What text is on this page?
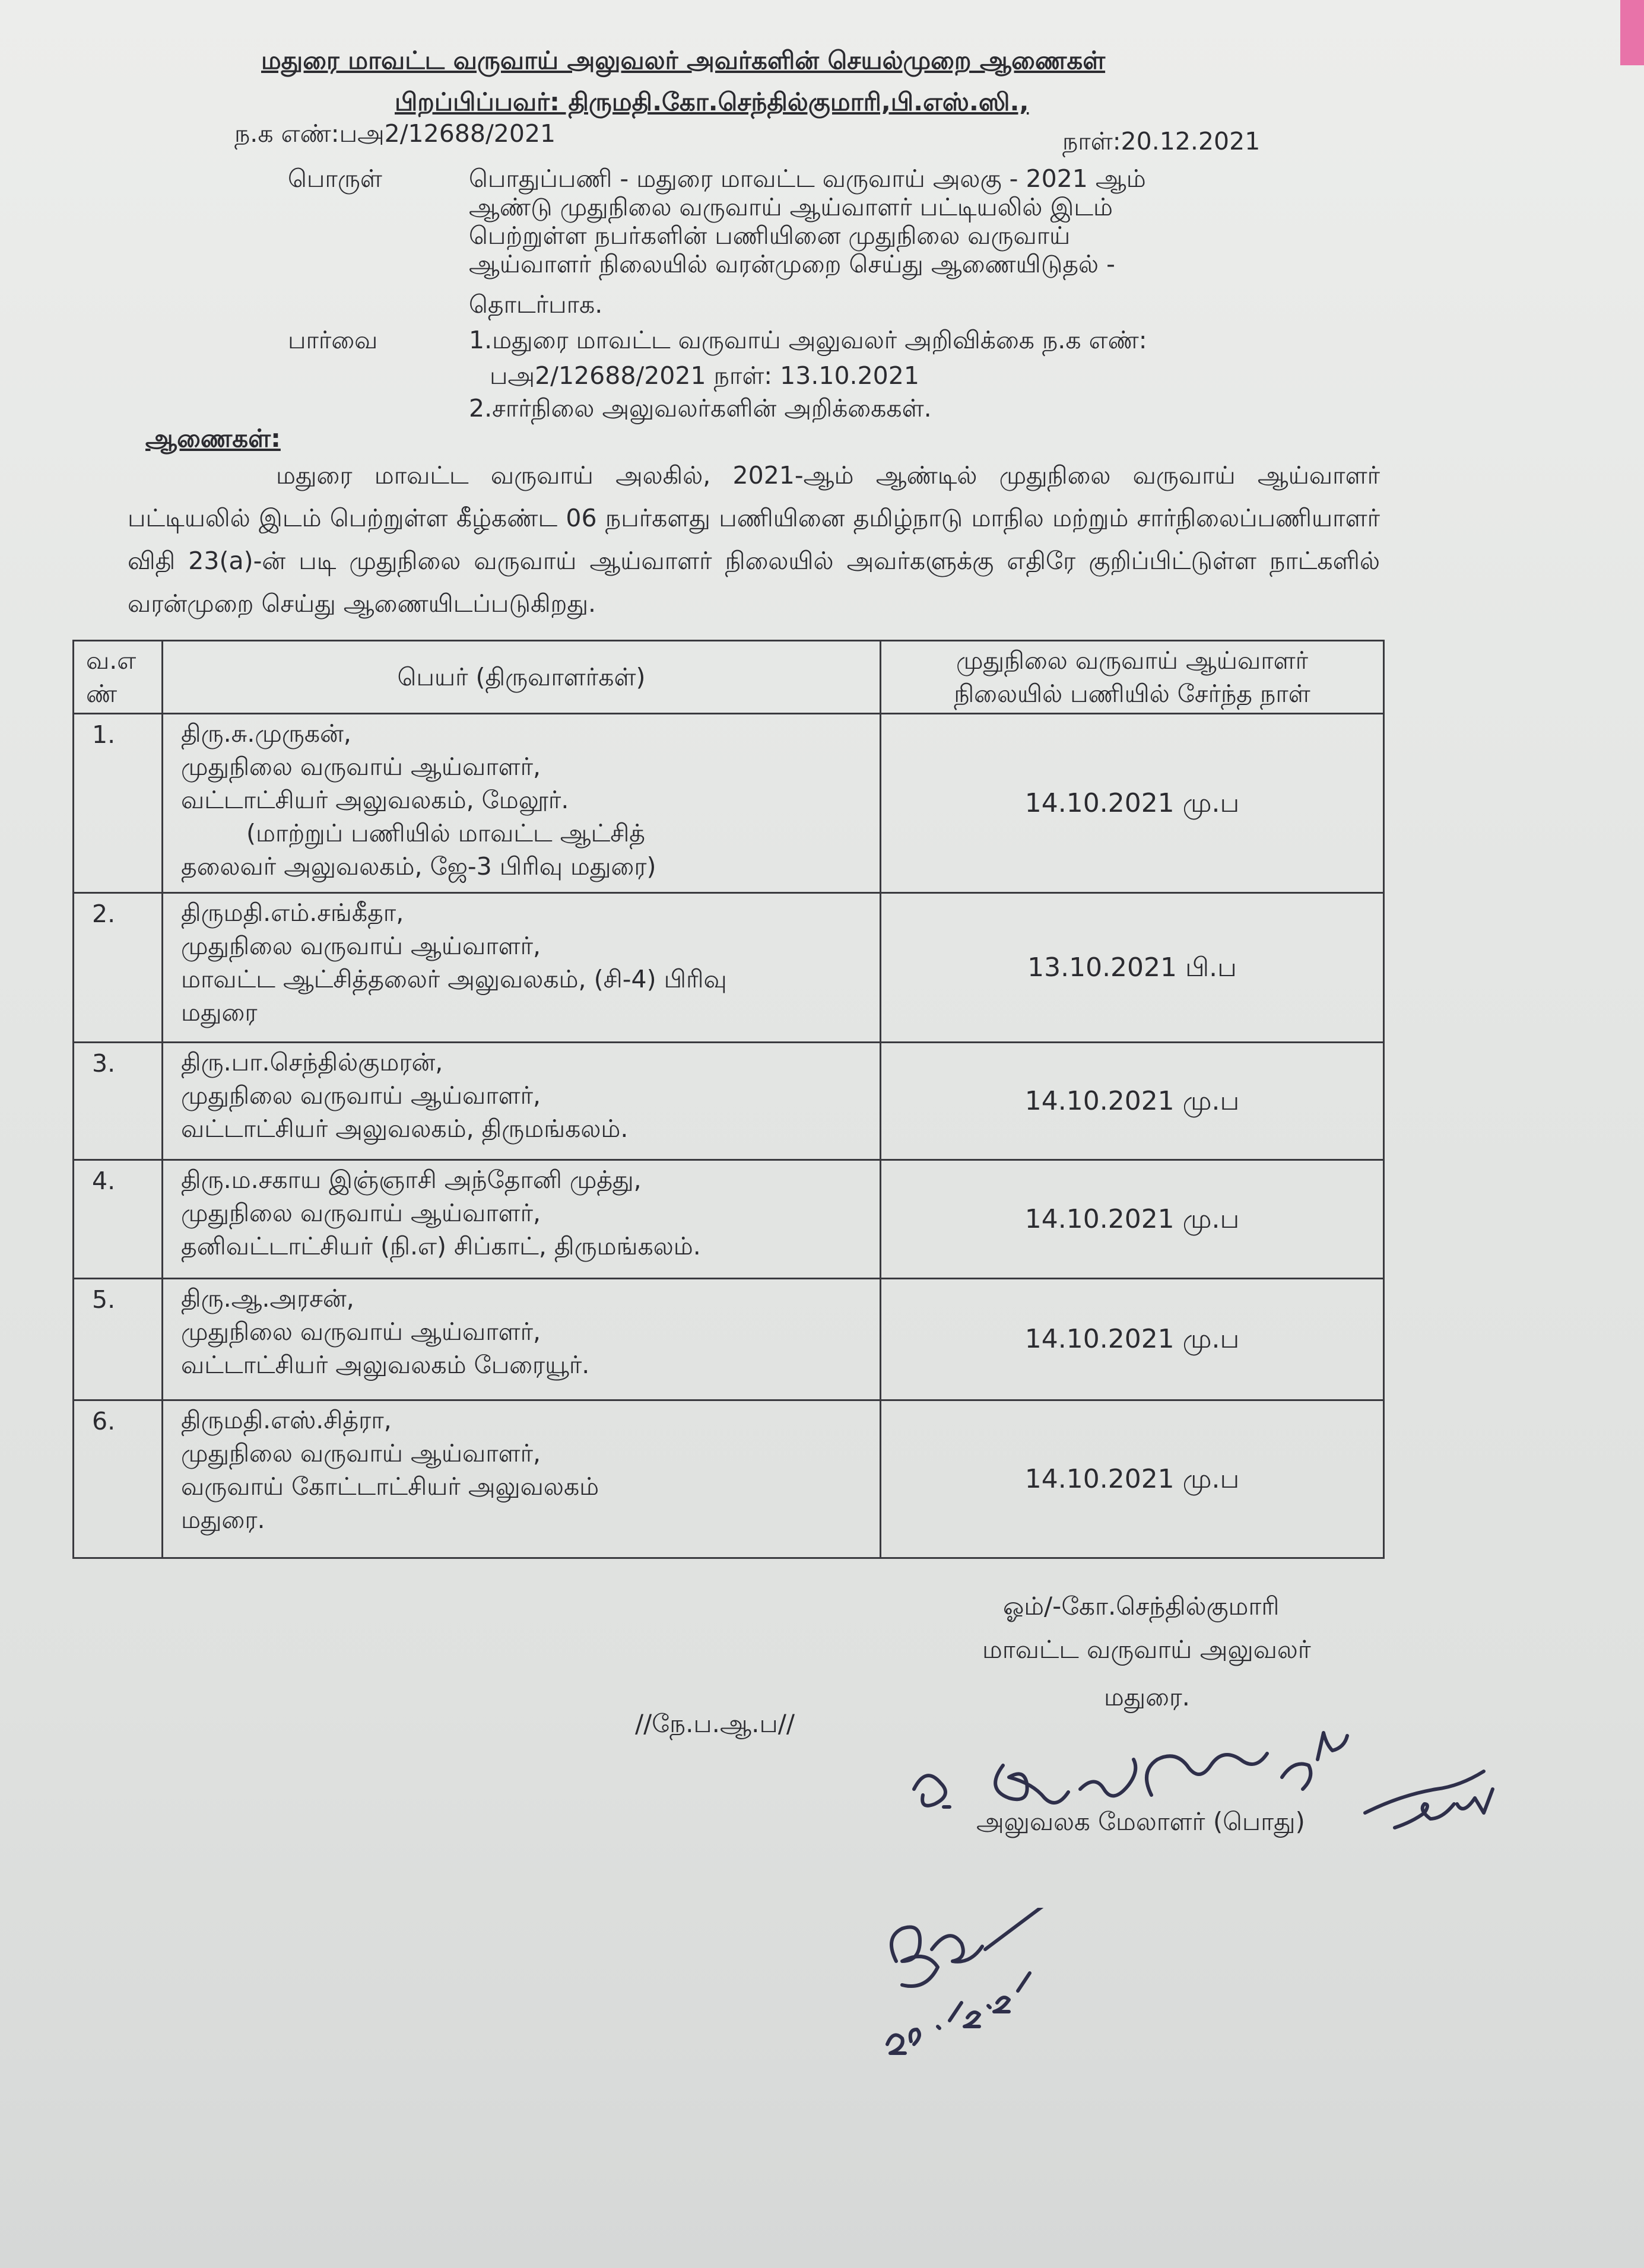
மதுரை மாவட்ட வருவாய் அலுவலர் அவர்களின் செயல்முறை ஆணைகள்
பிறப்பிப்பவர்: திருமதி.கோ.செந்தில்குமாரி,பி.எஸ்.ஸி.,
ந.க எண்:பஅ2/12688/2021	நாள்:20.12.2021
பொருள்	பொதுப்பணி - மதுரை மாவட்ட வருவாய் அலகு - 2021 ஆம்
ஆண்டு முதுநிலை வருவாய் ஆய்வாளர் பட்டியலில் இடம்
பெற்றுள்ள நபர்களின் பணியினை முதுநிலை வருவாய்
ஆய்வாளர் நிலையில் வரன்முறை செய்து ஆணையிடுதல் -
தொடர்பாக.
பார்வை	1.மதுரை மாவட்ட வருவாய் அலுவலர் அறிவிக்கை ந.க எண்:
பஅ2/12688/2021 நாள்: 13.10.2021
2.சார்நிலை அலுவலர்களின் அறிக்கைகள்.
ஆணைகள்:
மதுரை மாவட்ட வருவாய் அலகில், 2021-ஆம் ஆண்டில் முதுநிலை வருவாய் ஆய்வாளர் பட்டியலில் இடம் பெற்றுள்ள கீழ்கண்ட 06 நபர்களது பணியினை தமிழ்நாடு மாநில மற்றும் சார்நிலைப்பணியாளர் விதி 23(a)-ன் படி முதுநிலை வருவாய் ஆய்வாளர் நிலையில் அவர்களுக்கு எதிரே குறிப்பிட்டுள்ள நாட்களில் வரன்முறை செய்து ஆணையிடப்படுகிறது.
வ.எ
ண்	பெயர் (திருவாளர்கள்)	முதுநிலை வருவாய் ஆய்வாளர்
நிலையில் பணியில் சேர்ந்த நாள்

1.	திரு.சு.முருகன்,
முதுநிலை வருவாய் ஆய்வாளர்,
வட்டாட்சியர் அலுவலகம், மேலூர்.
(மாற்றுப் பணியில் மாவட்ட ஆட்சித்
தலைவர் அலுவலகம், ஜே-3 பிரிவு மதுரை)	14.10.2021 மு.ப
2.	திருமதி.எம்.சங்கீதா,
முதுநிலை வருவாய் ஆய்வாளர்,
மாவட்ட ஆட்சித்தலைர் அலுவலகம், (சி-4) பிரிவு
மதுரை	13.10.2021 பி.ப
3.	திரு.பா.செந்தில்குமரன்,
முதுநிலை வருவாய் ஆய்வாளர்,
வட்டாட்சியர் அலுவலகம், திருமங்கலம்.	14.10.2021 மு.ப
4.	திரு.ம.சகாய இஞ்ஞாசி அந்தோனி முத்து,
முதுநிலை வருவாய் ஆய்வாளர்,
தனிவட்டாட்சியர் (நி.எ) சிப்காட், திருமங்கலம்.	14.10.2021 மு.ப
5.	திரு.ஆ.அரசன்,
முதுநிலை வருவாய் ஆய்வாளர்,
வட்டாட்சியர் அலுவலகம் பேரையூர்.	14.10.2021 மு.ப
6.	திருமதி.எஸ்.சித்ரா,
முதுநிலை வருவாய் ஆய்வாளர்,
வருவாய் கோட்டாட்சியர் அலுவலகம்
மதுரை.	14.10.2021 மு.ப
ஓம்/-கோ.செந்தில்குமாரி
மாவட்ட வருவாய் அலுவலர்
மதுரை.
//நே.ப.ஆ.ப//
அலுவலக மேலாளர் (பொது)
